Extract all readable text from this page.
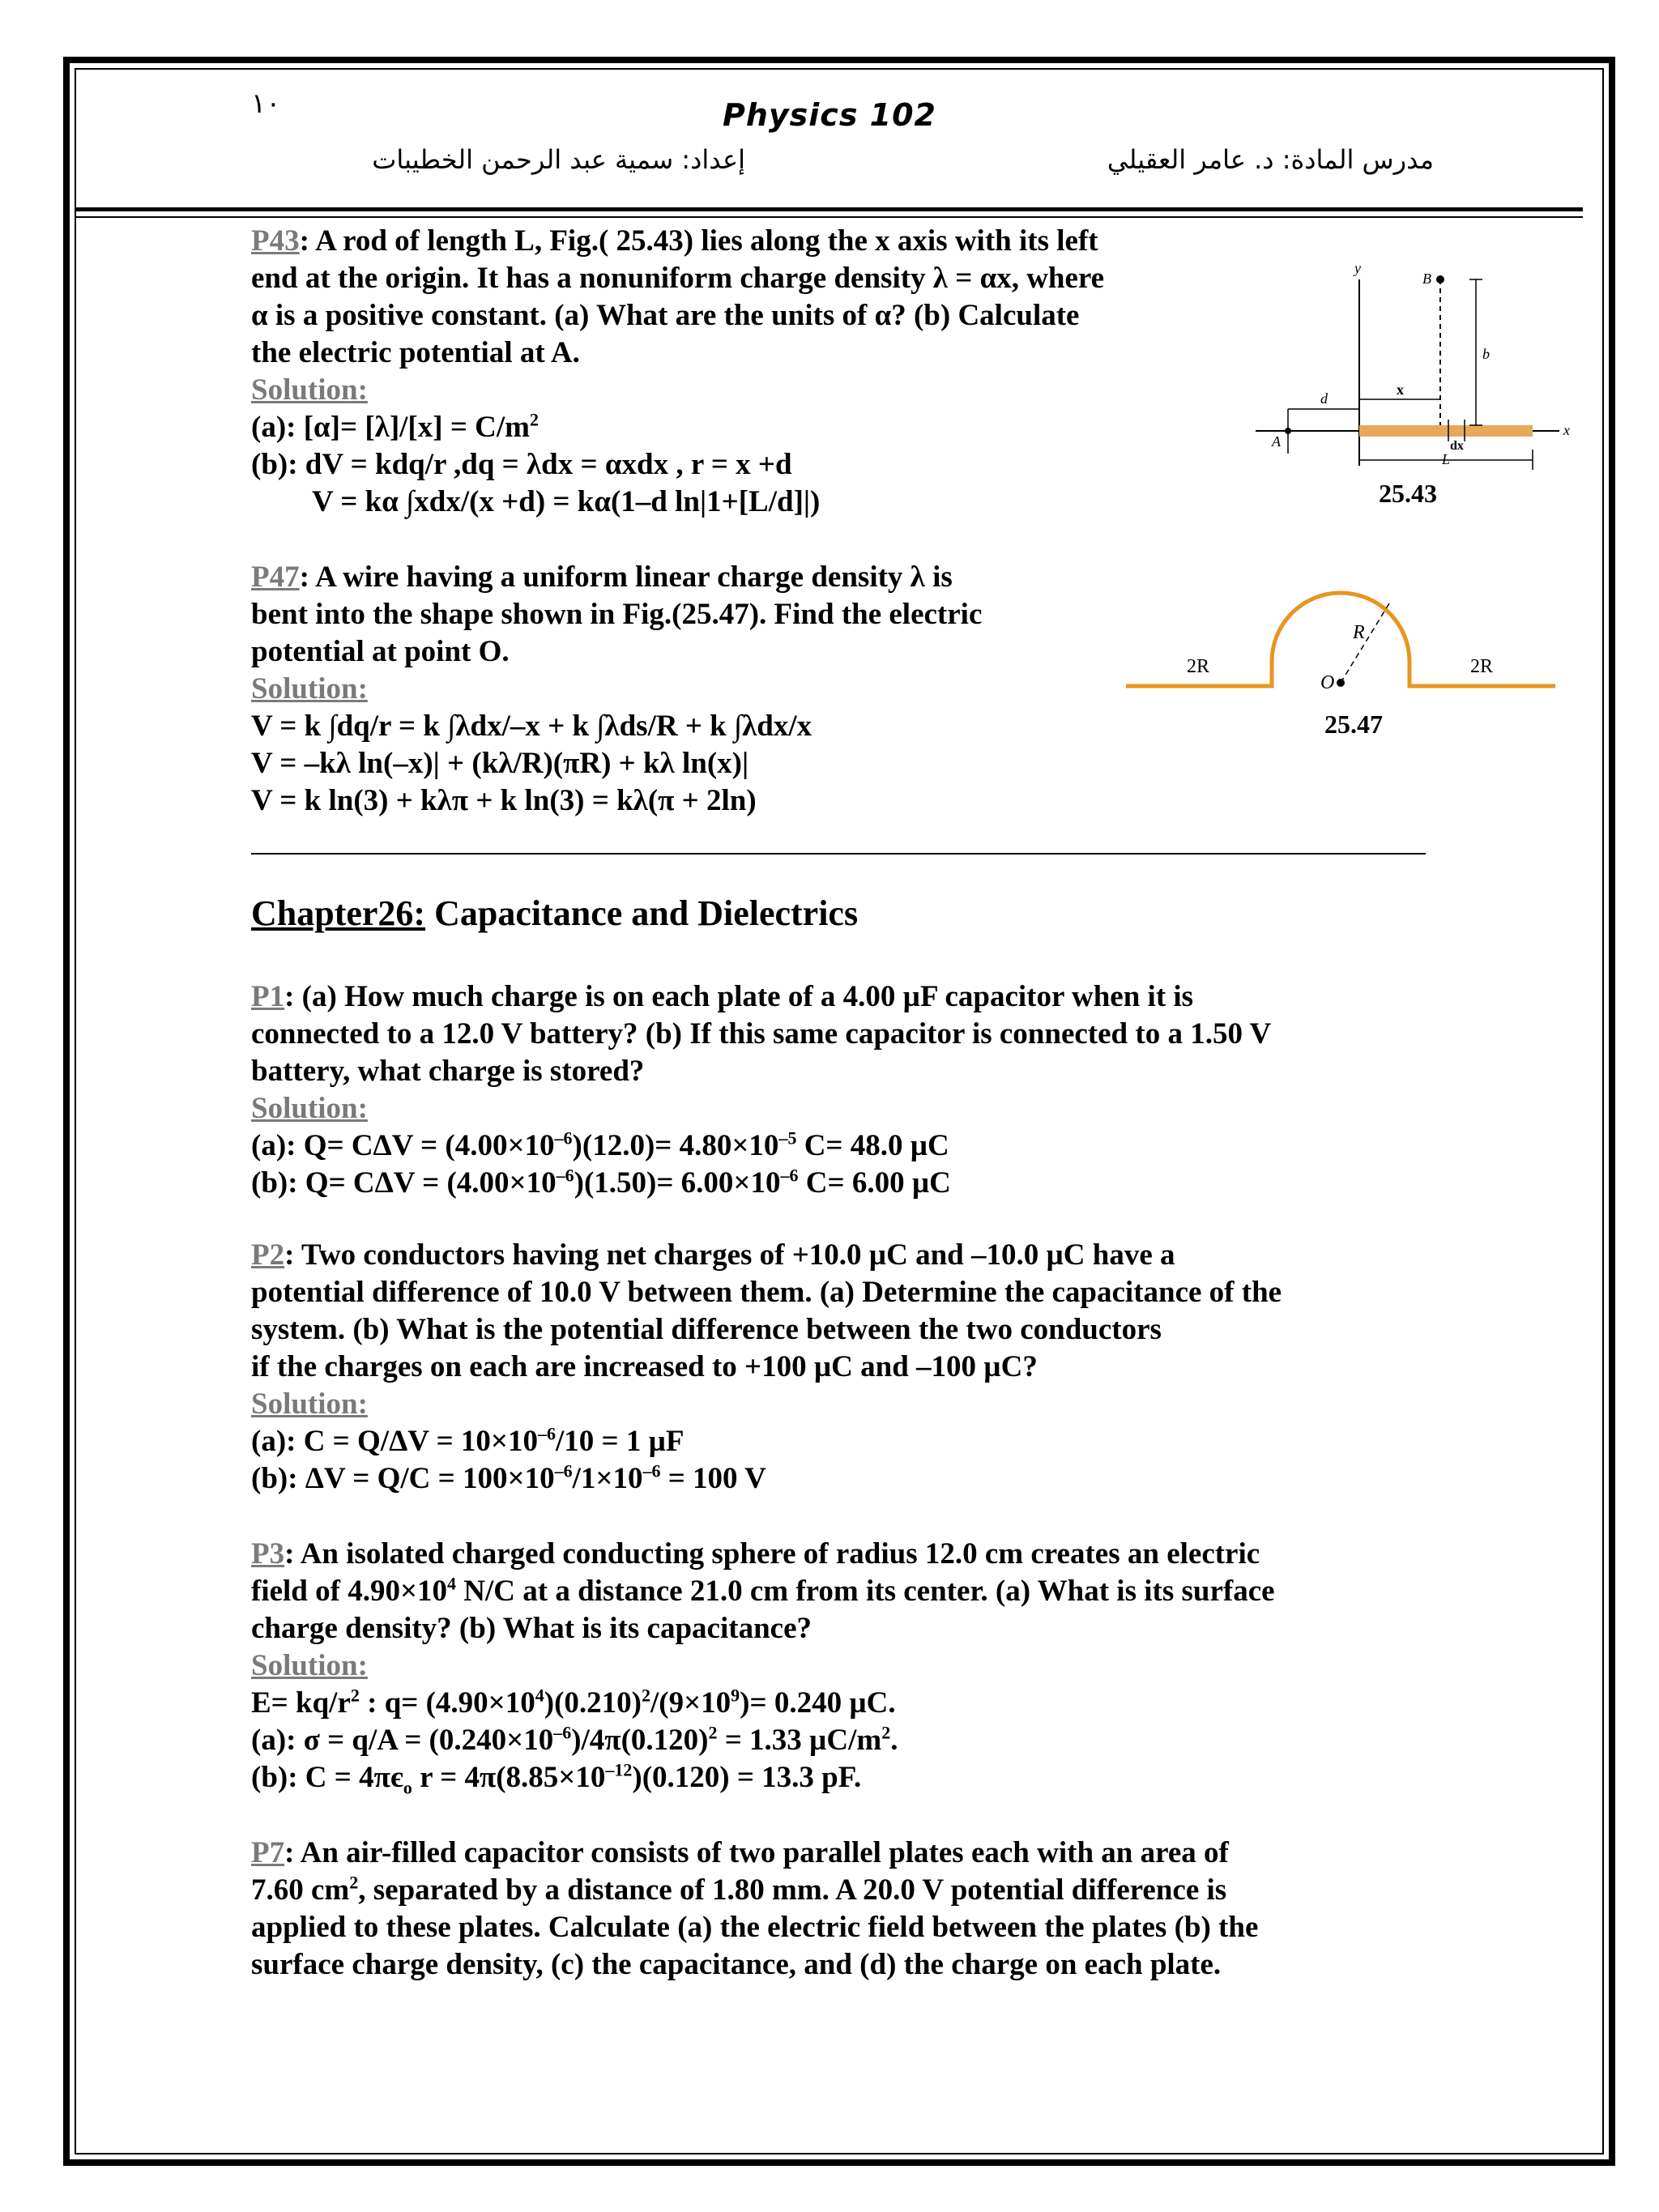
١٠	Physics 102
إعداد: سمية عبد الرحمن الخطيبات	مدرس المادة: د. عامر العقيلي
P43: A rod of length L, Fig.( 25.43) lies along the x axis with its left
end at the origin. It has a nonuniform charge density λ = αx, where
α is a positive constant. (a) What are the units of α? (b) Calculate
the electric potential at A.
Solution:
(a): $[\alpha]= [\lambda]/[x] = C/m^2$
(b): dV = kdq/r ,dq = λdx = αxdx , r = x +d
V = kα ∫xdx/(x +d) = kα(1–d ln|1+[L/d]|)
y
B
b
d
x
dx
A
L
x
25.43
P47: A wire having a uniform linear charge density λ is
bent into the shape shown in Fig.(25.47). Find the electric
potential at point O.
Solution:
V = k ∫dq/r = k ∫λdx/–x + k ∫λds/R + k ∫λdx/x
V = –kλ ln(–x)| + (kλ/R)(πR) + kλ ln(x)|
V = k ln(3) + kλπ + k ln(3) = kλ(π + 2ln)
2R	2R
R
O
25.47
Chapter26: Capacitance and Dielectrics
P1: (a) How much charge is on each plate of a 4.00 µF capacitor when it is
connected to a 12.0 V battery? (b) If this same capacitor is connected to a 1.50 V
battery, what charge is stored?
Solution:
(a): $Q= C\Delta V = (4.00\times 10^{-6})(12.0)= 4.80\times 10^{-5}$ C= 48.0 µC
(b): $Q= C\Delta V = (4.00\times 10^{-6})(1.50)= 6.00\times 10^{-6}$ C= 6.00 µC
P2: Two conductors having net charges of +10.0 µC and –10.0 µC have a
potential difference of 10.0 V between them. (a) Determine the capacitance of the
system. (b) What is the potential difference between the two conductors
if the charges on each are increased to +100 µC and –100 µC?
Solution:
(a): $C = Q/\Delta V = 10\times 10^{-6}/10 = 1$ µF
(b): $\Delta V = Q/C = 100\times 10^{-6}/1\times 10^{-6} = 100$ V
P3: An isolated charged conducting sphere of radius 12.0 cm creates an electric
field of $4.90\times 10^4$ N/C at a distance 21.0 cm from its center. (a) What is its surface
charge density? (b) What is its capacitance?
Solution:
$E= kq/r^2$ : $q= (4.90\times 10^4)(0.210)^2/(9\times 10^9)= 0.240$ µC.
(a): $\sigma = q/A = (0.240\times 10^{-6})/4\pi(0.120)^2 = 1.33$ $\mu C/m^2$.
(b): $C = 4\pi є_o$ $r = 4\pi(8.85\times 10^{-12})(0.120) = 13.3$ pF.
P7: An air-filled capacitor consists of two parallel plates each with an area of
7.60 $cm^2$, separated by a distance of 1.80 mm. A 20.0 V potential difference is
applied to these plates. Calculate (a) the electric field between the plates (b) the
surface charge density, (c) the capacitance, and (d) the charge on each plate.
